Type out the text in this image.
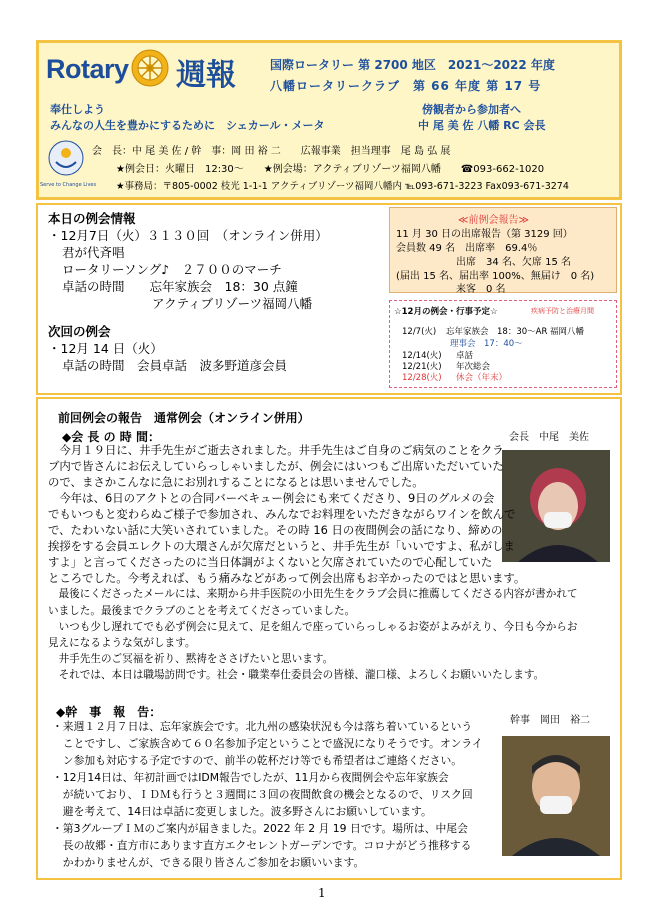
Rotary 週報	国際ロータリー 第 2700 地区　2021～2022 年度
八幡ロータリークラブ　第 66 年度 第 17 号
奉仕しよう
みんなの人生を豊かにするために　シェカール・メータ
傍観者から参加者へ
中 尾 美 佐 八幡 RC 会長
Serve to Change Lives
会　長：中 尾 美 佐 / 幹　事：岡 田 裕 二　　広報事業　担当理事　尾 島 弘 展
★例会日：火曜日　12:30～　　★例会場：アクティブリゾーツ福岡八幡　　☎093-662-1020
★事務局：〒805-0002 枝光 1-1-1 アクティブリゾーツ福岡八幡内 ℡093-671-3223 Fax093-671-3274
本日の例会情報
・12月7日（火）３１３０回　（オンライン併用）
君が代斉唱
ロータリーソング♪　２７００のマーチ
卓話の時間　　忘年家族会　18：30 点鐘
アクティブリゾーツ福岡八幡
次回の例会
・12月 14 日（火）
卓話の時間　会員卓話　波多野道彦会員
≪前例会報告≫
11 月 30 日の出席報告（第 3129 回）
会員数 49 名　出席率　69.4％
出席　34 名、欠席 15 名
(届出 15 名、届出率 100%、無届け　0 名)
来客　0 名
☆12月の例会・行事予定☆	疾病予防と治療月間
12/7(火) 忘年家族会　18：30～AR 福岡八幡
理事会　17：40～
12/14(火) 卓話
12/21(火) 年次総会
12/28(火) 休会（年末）
前回例会の報告　通常例会（オンライン併用）
◆会 長 の 時 間：	会長　中尾　美佐
　今月１９日に、井手先生がご逝去されました。井手先生はご自身のご病気のことをクラ
ブ内で皆さんにお伝えしていらっしゃいましたが、例会にはいつもご出席いただいていた
ので、まさかこんなに急にお別れすることになるとは思いませんでした。
　今年は、6日のアクトとの合同バーベキュー例会にも来てくださり、9日のグルメの会
でもいつもと変わらぬご様子で参加され、みんなでお料理をいただきながらワインを飲んで
で、たわいない話に大笑いされていました。その時 16 日の夜間例会の話になり、締めの
挨拶をする会員エレクトの大環さんが欠席だというと、井手先生が「いいですよ、私がしま
すよ」と言ってくださったのに当日体調がよくないと欠席されていたので心配していた
ところでした。今考えれば、もう痛みなどがあって例会出席もお辛かったのではと思います。
　最後にくださったメールには、来期から井手医院の小田先生をクラブ会員に推薦してくださる内容が書かれて
いました。最後までクラブのことを考えてくださっていました。
　いつも少し遅れてでも必ず例会に見えて、足を組んで座っていらっしゃるお姿がよみがえり、今日も今からお
見えになるような気がします。
　井手先生のご冥福を祈り、黙祷をささげたいと思います。
　それでは、本日は職場訪問です。社会・職業奉仕委員会の皆様、瀧口様、よろしくお願いいたします。
◆幹　事　報　告：
幹事　岡田　裕二
・来週１２月７日は、忘年家族会です。北九州の感染状況も今は落ち着いているという
　ことですし、ご家族含めて６０名参加予定ということで盛況になりそうです。オンライ
　ン参加も対応する予定ですので、前半の乾杯だけ等でも希望者はご連絡ください。
・12月14日は、年初計画ではIDM報告でしたが、11月から夜間例会や忘年家族会
　が続いており、ＩＤＭも行うと３週間に３回の夜間飲食の機会となるので、リスク回
　避を考えて、14日は卓話に変更しました。波多野さんにお願いしています。
・第3グループＩＭのご案内が届きました。2022 年 2 月 19 日です。場所は、中尾会
　長の故郷・直方市にあります直方エクセレントガーデンです。コロナがどう推移する
　かわかりませんが、できる限り皆さんご参加をお願いいます。
1
